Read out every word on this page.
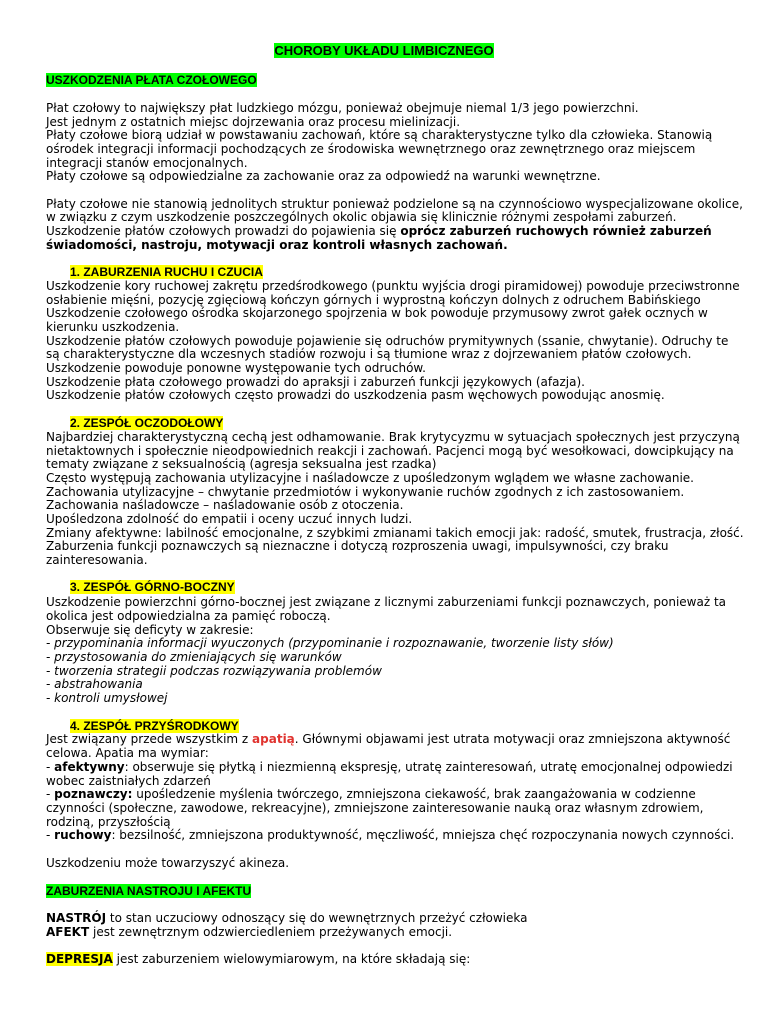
CHOROBY UKŁADU LIMBICZNEGO
USZKODZENIA PŁATA CZOŁOWEGO
Płat czołowy to największy płat ludzkiego mózgu, ponieważ obejmuje niemal 1/3 jego powierzchni.
Jest jednym z ostatnich miejsc dojrzewania oraz procesu mielinizacji.
Płaty czołowe biorą udział w powstawaniu zachowań, które są charakterystyczne tylko dla człowieka. Stanowią
ośrodek integracji informacji pochodzących ze środowiska wewnętrznego oraz zewnętrznego oraz miejscem
integracji stanów emocjonalnych.
Płaty czołowe są odpowiedzialne za zachowanie oraz za odpowiedź na warunki wewnętrzne.
Płaty czołowe nie stanowią jednolitych struktur ponieważ podzielone są na czynnościowo wyspecjalizowane okolice,
w związku z czym uszkodzenie poszczególnych okolic objawia się klinicznie różnymi zespołami zaburzeń.
Uszkodzenie płatów czołowych prowadzi do pojawienia się oprócz zaburzeń ruchowych również zaburzeń
świadomości, nastroju, motywacji oraz kontroli własnych zachowań.
1. ZABURZENIA RUCHU I CZUCIA
Uszkodzenie kory ruchowej zakrętu przedśrodkowego (punktu wyjścia drogi piramidowej) powoduje przeciwstronne
osłabienie mięśni, pozycję zgięciową kończyn górnych i wyprostną kończyn dolnych z odruchem Babińskiego
Uszkodzenie czołowego ośrodka skojarzonego spojrzenia w bok powoduje przymusowy zwrot gałek ocznych w
kierunku uszkodzenia.
Uszkodzenie płatów czołowych powoduje pojawienie się odruchów prymitywnych (ssanie, chwytanie). Odruchy te
są charakterystyczne dla wczesnych stadiów rozwoju i są tłumione wraz z dojrzewaniem płatów czołowych.
Uszkodzenie powoduje ponowne występowanie tych odruchów.
Uszkodzenie płata czołowego prowadzi do apraksji i zaburzeń funkcji językowych (afazja).
Uszkodzenie płatów czołowych często prowadzi do uszkodzenia pasm węchowych powodując anosmię.
2. ZESPÓŁ OCZODOŁOWY
Najbardziej charakterystyczną cechą jest odhamowanie. Brak krytycyzmu w sytuacjach społecznych jest przyczyną
nietaktownych i społecznie nieodpowiednich reakcji i zachowań. Pacjenci mogą być wesołkowaci, dowcipkujący na
tematy związane z seksualnością (agresja seksualna jest rzadka)
Często występują zachowania utylizacyjne i naśladowcze z upośledzonym wglądem we własne zachowanie.
Zachowania utylizacyjne – chwytanie przedmiotów i wykonywanie ruchów zgodnych z ich zastosowaniem.
Zachowania naśladowcze – naśladowanie osób z otoczenia.
Upośledzona zdolność do empatii i oceny uczuć innych ludzi.
Zmiany afektywne: labilność emocjonalne, z szybkimi zmianami takich emocji jak: radość, smutek, frustracja, złość.
Zaburzenia funkcji poznawczych są nieznaczne i dotyczą rozproszenia uwagi, impulsywności, czy braku
zainteresowania.
3. ZESPÓŁ GÓRNO-BOCZNY
Uszkodzenie powierzchni górno-bocznej jest związane z licznymi zaburzeniami funkcji poznawczych, ponieważ ta
okolica jest odpowiedzialna za pamięć roboczą.
Obserwuje się deficyty w zakresie:
- przypominania informacji wyuczonych (przypominanie i rozpoznawanie, tworzenie listy słów)
- przystosowania do zmieniających się warunków
- tworzenia strategii podczas rozwiązywania problemów
- abstrahowania
- kontroli umysłowej
4. ZESPÓŁ PRZYŚRODKOWY
Jest związany przede wszystkim z apatią. Głównymi objawami jest utrata motywacji oraz zmniejszona aktywność
celowa. Apatia ma wymiar:
- afektywny: obserwuje się płytką i niezmienną ekspresję, utratę zainteresowań, utratę emocjonalnej odpowiedzi
wobec zaistniałych zdarzeń
- poznawczy: upośledzenie myślenia twórczego, zmniejszona ciekawość, brak zaangażowania w codzienne
czynności (społeczne, zawodowe, rekreacyjne), zmniejszone zainteresowanie nauką oraz własnym zdrowiem,
rodziną, przyszłością
- ruchowy: bezsilność, zmniejszona produktywność, męczliwość, mniejsza chęć rozpoczynania nowych czynności.
Uszkodzeniu może towarzyszyć akineza.
ZABURZENIA NASTROJU I AFEKTU
NASTRÓJ to stan uczuciowy odnoszący się do wewnętrznych przeżyć człowieka
AFEKT jest zewnętrznym odzwierciedleniem przeżywanych emocji.
DEPRESJA jest zaburzeniem wielowymiarowym, na które składają się:
